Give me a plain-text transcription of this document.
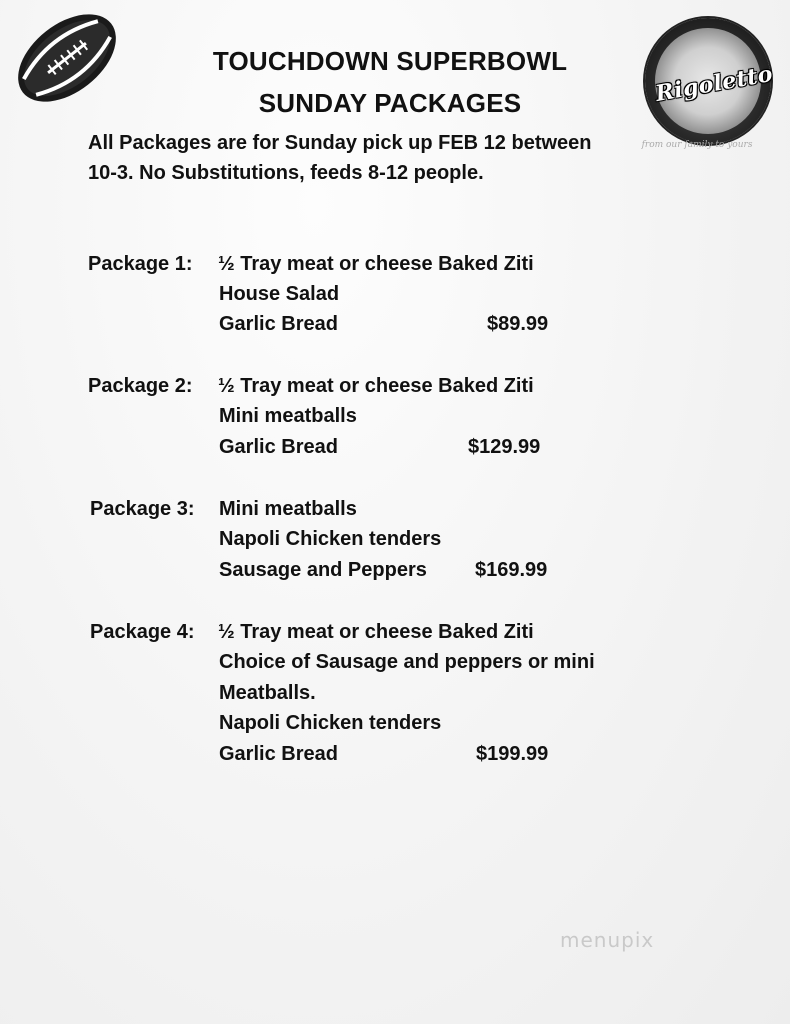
Rigoletto
from our family to yours
TOUCHDOWN SUPERBOWL
SUNDAY PACKAGES
All Packages are for Sunday pick up FEB 12 between
10-3. No Substitutions, feeds 8-12 people.
Package 1: ½ Tray meat or cheese Baked Ziti
House Salad
Garlic Bread	$89.99
Package 2: ½ Tray meat or cheese Baked Ziti
Mini meatballs
Garlic Bread	$129.99
Package 3: Mini meatballs
Napoli Chicken tenders
Sausage and Peppers $169.99
Package 4: ½ Tray meat or cheese Baked Ziti
Choice of Sausage and peppers or mini
Meatballs.
Napoli Chicken tenders
Garlic Bread	$199.99
menupix
